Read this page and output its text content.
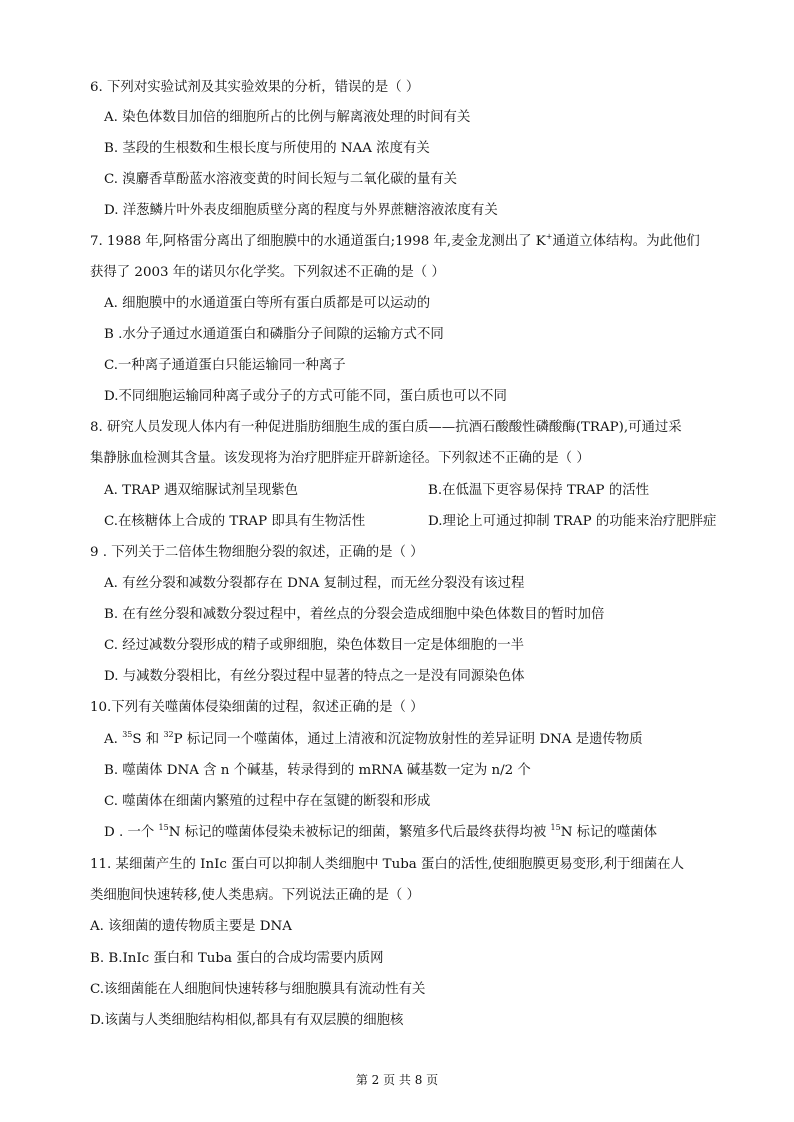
6. 下列对实验试剂及其实验效果的分析，错误的是（ ）
A. 染色体数目加倍的细胞所占的比例与解离液处理的时间有关
B. 茎段的生根数和生根长度与所使用的 NAA 浓度有关
C. 溴麝香草酚蓝水溶液变黄的时间长短与二氧化碳的量有关
D. 洋葱鳞片叶外表皮细胞质壁分离的程度与外界蔗糖溶液浓度有关
7. 1988 年,阿格雷分离出了细胞膜中的水通道蛋白;1998 年,麦金龙测出了 K+通道立体结构。为此他们
获得了 2003 年的诺贝尔化学奖。下列叙述不正确的是（ ）
A. 细胞膜中的水通道蛋白等所有蛋白质都是可以运动的
B .水分子通过水通道蛋白和磷脂分子间隙的运输方式不同
C.一种离子通道蛋白只能运输同一种离子
D.不同细胞运输同种离子或分子的方式可能不同，蛋白质也可以不同
8. 研究人员发现人体内有一种促进脂肪细胞生成的蛋白质——抗酒石酸酸性磷酸酶(TRAP),可通过采
集静脉血检测其含量。该发现将为治疗肥胖症开辟新途径。下列叙述不正确的是（ ）
A. TRAP 遇双缩脲试剂呈现紫色	B.在低温下更容易保持 TRAP 的活性
C.在核糖体上合成的 TRAP 即具有生物活性	D.理论上可通过抑制 TRAP 的功能来治疗肥胖症
9 . 下列关于二倍体生物细胞分裂的叙述，正确的是（ ）
A. 有丝分裂和减数分裂都存在 DNA 复制过程，而无丝分裂没有该过程
B. 在有丝分裂和减数分裂过程中，着丝点的分裂会造成细胞中染色体数目的暂时加倍
C. 经过减数分裂形成的精子或卵细胞，染色体数目一定是体细胞的一半
D. 与减数分裂相比，有丝分裂过程中显著的特点之一是没有同源染色体
10.下列有关噬菌体侵染细菌的过程，叙述正确的是（ ）
A. $^{35}$S 和 $^{32}$P 标记同一个噬菌体，通过上清液和沉淀物放射性的差异证明 DNA 是遗传物质
B. 噬菌体 DNA 含 n 个碱基，转录得到的 mRNA 碱基数一定为 n/2 个
C. 噬菌体在细菌内繁殖的过程中存在氢键的断裂和形成
D . 一个 $^{15}$N 标记的噬菌体侵染未被标记的细菌，繁殖多代后最终获得均被 $^{15}$N 标记的噬菌体
11. 某细菌产生的 InIc 蛋白可以抑制人类细胞中 Tuba 蛋白的活性,使细胞膜更易变形,利于细菌在人
类细胞间快速转移,使人类患病。下列说法正确的是（ ）
A. 该细菌的遗传物质主要是 DNA
B. B.InIc 蛋白和 Tuba 蛋白的合成均需要内质网
C.该细菌能在人细胞间快速转移与细胞膜具有流动性有关
D.该菌与人类细胞结构相似,都具有有双层膜的细胞核
第 2 页 共 8 页
